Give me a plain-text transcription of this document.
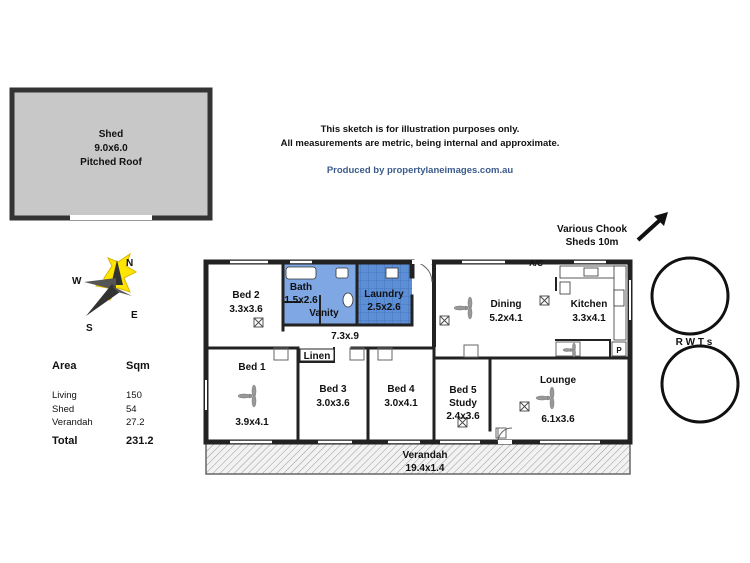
Shed
9.0x6.0
Pitched Roof
N
E
S
W
Various Chook
Sheds 10m
Verandah
19.4x1.4
Bed 2
3.3x3.6
Bath
1.5x2.6
Vanity
Laundry
2.5x2.6
7.3x.9
Linen
Dining
5.2x4.1
Kitchen
3.3x4.1
Bed 1
3.9x4.1
Bed 3
3.0x3.6
Bed 4
3.0x4.1
Bed 5
Study
2.4x3.6
Lounge
6.1x3.6
A/C
P
R W T s
This sketch is for illustration purposes only.
All measurements are metric, being internal and approximate.
Produced by propertylaneimages.com.au
Area	Sqm
Living	150
Shed	54
Verandah	27.2
Total	231.2
